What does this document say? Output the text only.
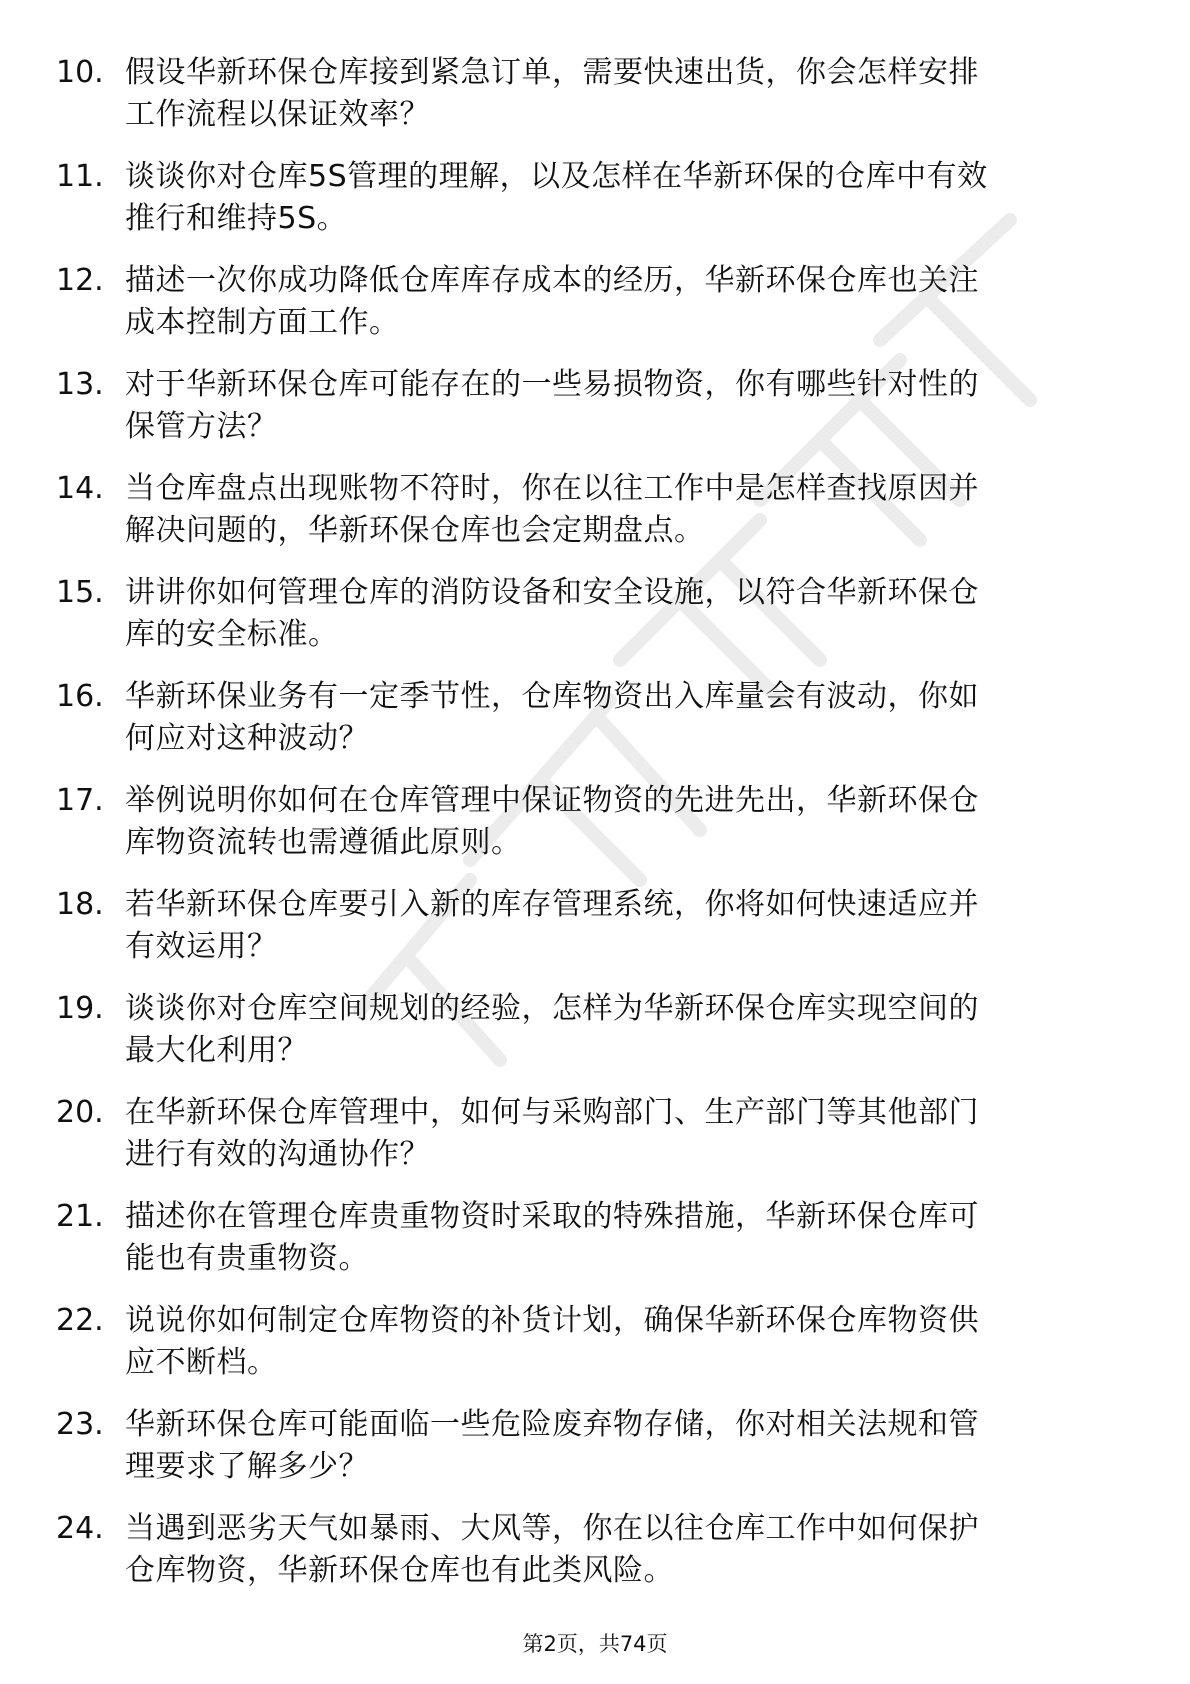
10. 假设华新环保仓库接到紧急订单，需要快速出货，你会怎样安排
工作流程以保证效率？
11. 谈谈你对仓库5S管理的理解，以及怎样在华新环保的仓库中有效
推行和维持5S。
12. 描述一次你成功降低仓库库存成本的经历，华新环保仓库也关注
成本控制方面工作。
13. 对于华新环保仓库可能存在的一些易损物资，你有哪些针对性的
保管方法？
14. 当仓库盘点出现账物不符时，你在以往工作中是怎样查找原因并
解决问题的，华新环保仓库也会定期盘点。
15. 讲讲你如何管理仓库的消防设备和安全设施，以符合华新环保仓
库的安全标准。
16. 华新环保业务有一定季节性，仓库物资出入库量会有波动，你如
何应对这种波动？
17. 举例说明你如何在仓库管理中保证物资的先进先出，华新环保仓
库物资流转也需遵循此原则。
18. 若华新环保仓库要引入新的库存管理系统，你将如何快速适应并
有效运用？
19. 谈谈你对仓库空间规划的经验，怎样为华新环保仓库实现空间的
最大化利用？
20. 在华新环保仓库管理中，如何与采购部门、生产部门等其他部门
进行有效的沟通协作？
21. 描述你在管理仓库贵重物资时采取的特殊措施，华新环保仓库可
能也有贵重物资。
22. 说说你如何制定仓库物资的补货计划，确保华新环保仓库物资供
应不断档。
23. 华新环保仓库可能面临一些危险废弃物存储，你对相关法规和管
理要求了解多少？
24. 当遇到恶劣天气如暴雨、大风等，你在以往仓库工作中如何保护
仓库物资，华新环保仓库也有此类风险。
第2页，共74页
